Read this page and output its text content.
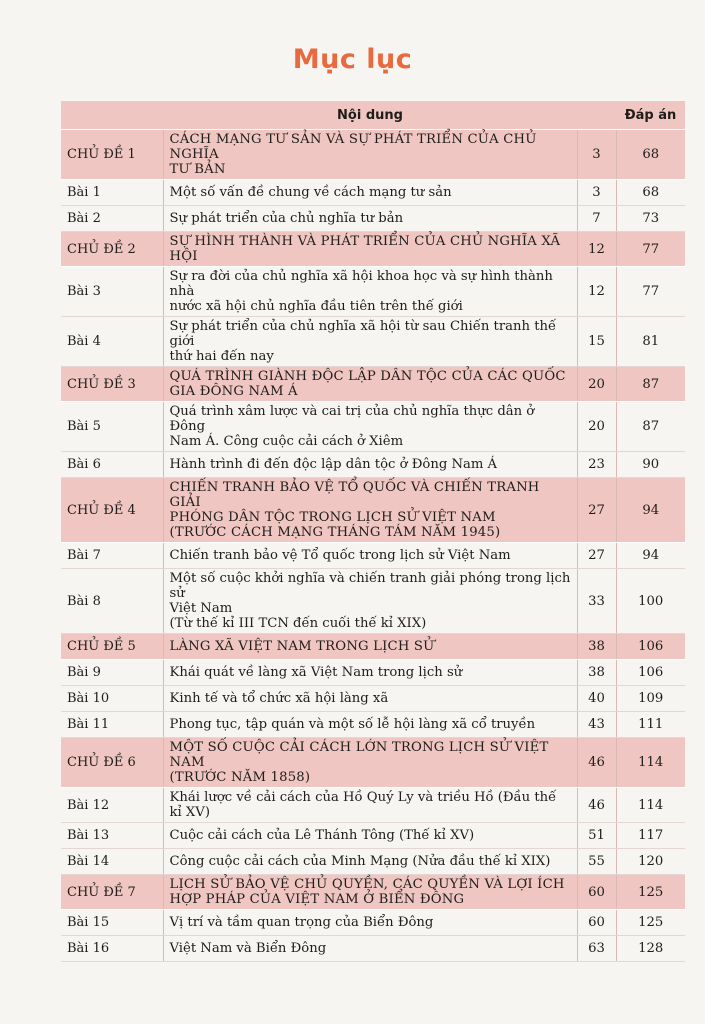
Mục lục
	Nội dung		Đáp án
CHỦ ĐỀ 1	CÁCH MẠNG TƯ SẢN VÀ SỰ PHÁT TRIỂN CỦA CHỦ NGHĨA
TƯ BẢN	3	68
Bài 1	Một số vấn đề chung về cách mạng tư sản	3	68
Bài 2	Sự phát triển của chủ nghĩa tư bản	7	73
CHỦ ĐỀ 2	SỰ HÌNH THÀNH VÀ PHÁT TRIỂN CỦA CHỦ NGHĨA XÃ HỘI	12	77
Bài 3	Sự ra đời của chủ nghĩa xã hội khoa học và sự hình thành nhà
nước xã hội chủ nghĩa đầu tiên trên thế giới	12	77
Bài 4	Sự phát triển của chủ nghĩa xã hội từ sau Chiến tranh thế giới
thứ hai đến nay	15	81
CHỦ ĐỀ 3	QUÁ TRÌNH GIÀNH ĐỘC LẬP DÂN TỘC CỦA CÁC QUỐC
GIA ĐÔNG NAM Á	20	87
Bài 5	Quá trình xâm lược và cai trị của chủ nghĩa thực dân ở Đông
Nam Á. Công cuộc cải cách ở Xiêm	20	87
Bài 6	Hành trình đi đến độc lập dân tộc ở Đông Nam Á	23	90
CHỦ ĐỀ 4	CHIẾN TRANH BẢO VỆ TỔ QUỐC VÀ CHIẾN TRANH GIẢI
PHÓNG DÂN TỘC TRONG LỊCH SỬ VIỆT NAM
(TRƯỚC CÁCH MẠNG THÁNG TÁM NĂM 1945)	27	94
Bài 7	Chiến tranh bảo vệ Tổ quốc trong lịch sử Việt Nam	27	94
Bài 8	Một số cuộc khởi nghĩa và chiến tranh giải phóng trong lịch sử
Việt Nam
(Từ thế kỉ III TCN đến cuối thế kỉ XIX)	33	100
CHỦ ĐỀ 5	LÀNG XÃ VIỆT NAM TRONG LỊCH SỬ	38	106
Bài 9	Khái quát về làng xã Việt Nam trong lịch sử	38	106
Bài 10	Kinh tế và tổ chức xã hội làng xã	40	109
Bài 11	Phong tục, tập quán và một số lễ hội làng xã cổ truyền	43	111
CHỦ ĐỀ 6	MỘT SỐ CUỘC CẢI CÁCH LỚN TRONG LỊCH SỬ VIỆT NAM
(TRƯỚC NĂM 1858)	46	114
Bài 12	Khái lược về cải cách của Hồ Quý Ly và triều Hồ (Đầu thế kỉ XV)	46	114
Bài 13	Cuộc cải cách của Lê Thánh Tông (Thế kỉ XV)	51	117
Bài 14	Công cuộc cải cách của Minh Mạng (Nửa đầu thế kỉ XIX)	55	120
CHỦ ĐỀ 7	LỊCH SỬ BẢO VỆ CHỦ QUYỀN, CÁC QUYỀN VÀ LỢI ÍCH
HỢP PHÁP CỦA VIỆT NAM Ở BIỂN ĐÔNG	60	125
Bài 15	Vị trí và tầm quan trọng của Biển Đông	60	125
Bài 16	Việt Nam và Biển Đông	63	128
